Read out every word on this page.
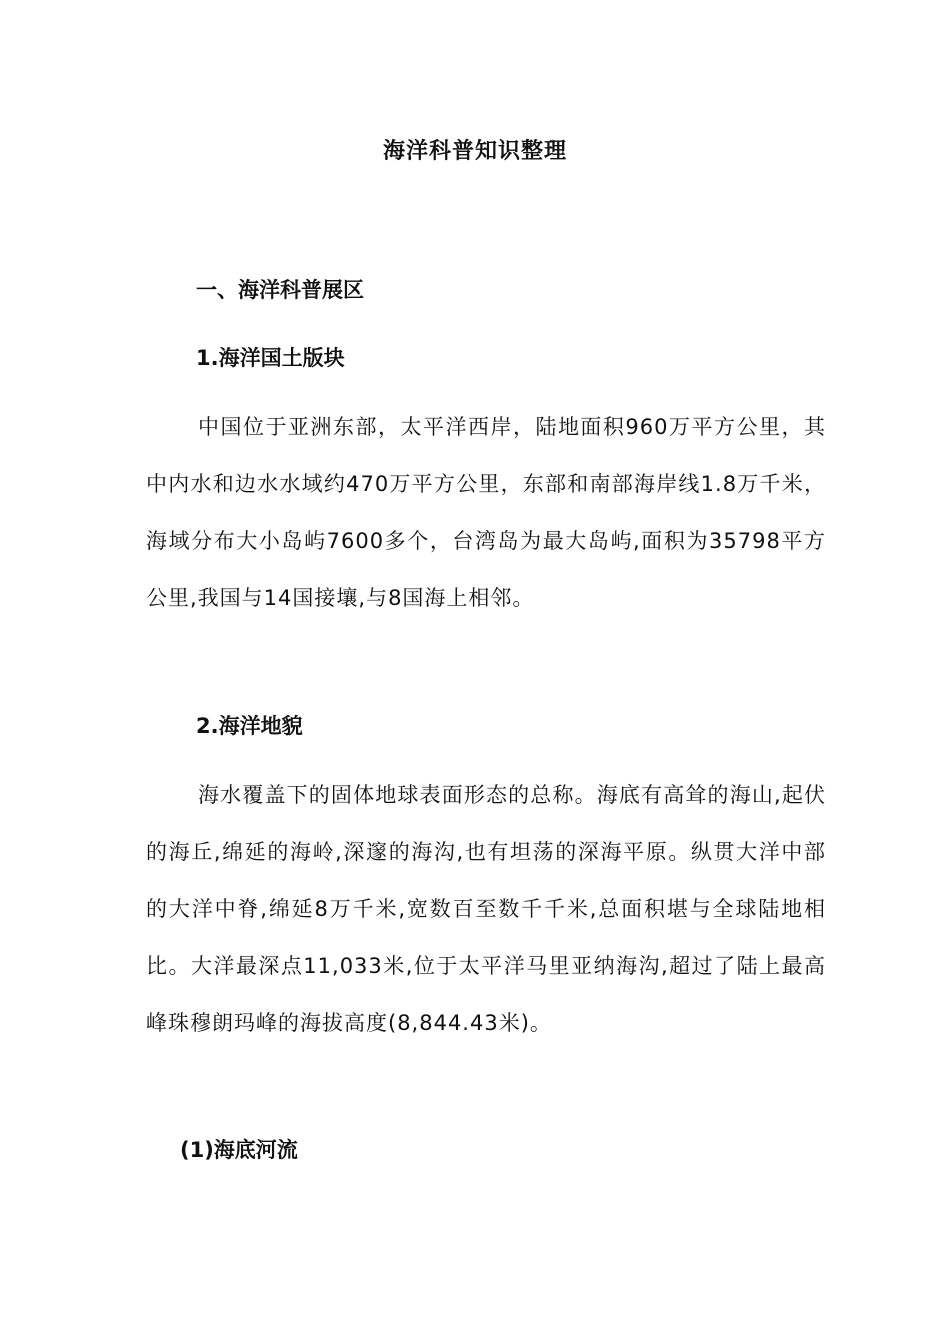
海洋科普知识整理
一、海洋科普展区
1.海洋国土版块
中国位于亚洲东部，太平洋西岸，陆地面积960万平方公里，其中内水和边水水域约470万平方公里，东部和南部海岸线1.8万千米，海域分布大小岛屿7600多个，台湾岛为最大岛屿,面积为35798平方公里,我国与14国接壤,与8国海上相邻。
2.海洋地貌
海水覆盖下的固体地球表面形态的总称。海底有高耸的海山,起伏的海丘,绵延的海岭,深邃的海沟,也有坦荡的深海平原。纵贯大洋中部的大洋中脊,绵延8万千米,宽数百至数千千米,总面积堪与全球陆地相比。大洋最深点11,033米,位于太平洋马里亚纳海沟,超过了陆上最高峰珠穆朗玛峰的海拔高度(8,844.43米)。
(1)海底河流
